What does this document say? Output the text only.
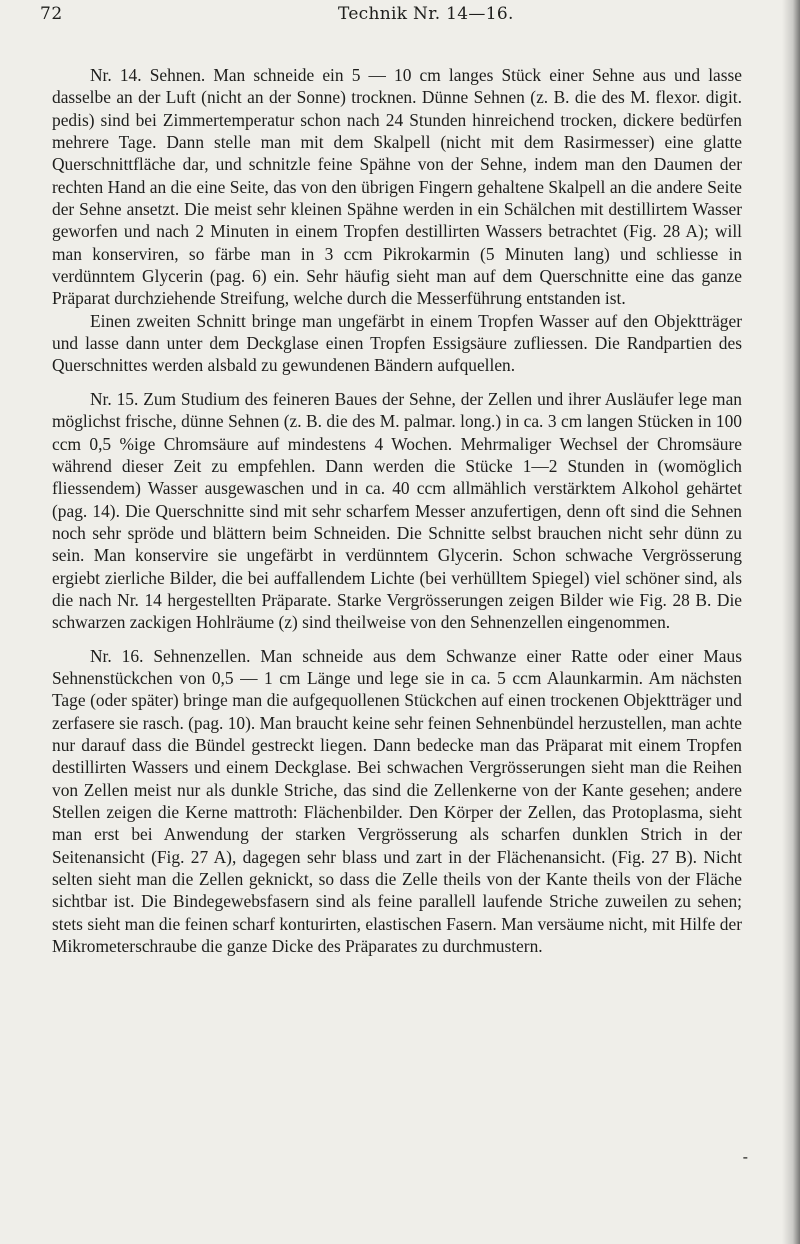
72	Technik Nr. 14—16.

Nr. 14. Sehnen. Man schneide ein 5 — 10 cm langes Stück einer Sehne aus und lasse dasselbe an der Luft (nicht an der Sonne) trocknen. Dünne Sehnen (z. B. die des M. flexor. digit. pedis) sind bei Zimmertemperatur schon nach 24 Stunden hinreichend trocken, dickere bedürfen mehrere Tage. Dann stelle man mit dem Skalpell (nicht mit dem Rasirmesser) eine glatte Querschnittfläche dar, und schnitzle feine Spähne von der Sehne, indem man den Daumen der rechten Hand an die eine Seite, das von den übrigen Fingern gehaltene Skalpell an die andere Seite der Sehne ansetzt. Die meist sehr kleinen Spähne werden in ein Schälchen mit destillirtem Wasser geworfen und nach 2 Minuten in einem Tropfen destillirten Wassers betrachtet (Fig. 28 A); will man konserviren, so färbe man in 3 ccm Pikrokarmin (5 Minuten lang) und schliesse in verdünntem Glycerin (pag. 6) ein. Sehr häufig sieht man auf dem Querschnitte eine das ganze Präparat durchziehende Streifung, welche durch die Messerführung entstanden ist.

Einen zweiten Schnitt bringe man ungefärbt in einem Tropfen Wasser auf den Objektträger und lasse dann unter dem Deckglase einen Tropfen Essigsäure zufliessen. Die Randpartien des Querschnittes werden alsbald zu gewundenen Bändern aufquellen.

Nr. 15. Zum Studium des feineren Baues der Sehne, der Zellen und ihrer Ausläufer lege man möglichst frische, dünne Sehnen (z. B. die des M. palmar. long.) in ca. 3 cm langen Stücken in 100 ccm 0,5 %ige Chromsäure auf mindestens 4 Wochen. Mehrmaliger Wechsel der Chromsäure während dieser Zeit zu empfehlen. Dann werden die Stücke 1—2 Stunden in (womöglich fliessendem) Wasser ausgewaschen und in ca. 40 ccm allmählich verstärktem Alkohol gehärtet (pag. 14). Die Querschnitte sind mit sehr scharfem Messer anzufertigen, denn oft sind die Sehnen noch sehr spröde und blättern beim Schneiden. Die Schnitte selbst brauchen nicht sehr dünn zu sein. Man konservire sie ungefärbt in verdünntem Glycerin. Schon schwache Vergrösserung ergiebt zierliche Bilder, die bei auffallendem Lichte (bei verhülltem Spiegel) viel schöner sind, als die nach Nr. 14 hergestellten Präparate. Starke Vergrösserungen zeigen Bilder wie Fig. 28 B. Die schwarzen zackigen Hohlräume (z) sind theilweise von den Sehnenzellen eingenommen.

Nr. 16. Sehnenzellen. Man schneide aus dem Schwanze einer Ratte oder einer Maus Sehnenstückchen von 0,5 — 1 cm Länge und lege sie in ca. 5 ccm Alaunkarmin. Am nächsten Tage (oder später) bringe man die aufgequollenen Stückchen auf einen trockenen Objektträger und zerfasere sie rasch. (pag. 10). Man braucht keine sehr feinen Sehnenbündel herzustellen, man achte nur darauf dass die Bündel gestreckt liegen. Dann bedecke man das Präparat mit einem Tropfen destillirten Wassers und einem Deckglase. Bei schwachen Vergrösserungen sieht man die Reihen von Zellen meist nur als dunkle Striche, das sind die Zellenkerne von der Kante gesehen; andere Stellen zeigen die Kerne mattroth: Flächenbilder. Den Körper der Zellen, das Protoplasma, sieht man erst bei Anwendung der starken Vergrösserung als scharfen dunklen Strich in der Seitenansicht (Fig. 27 A), dagegen sehr blass und zart in der Flächenansicht. (Fig. 27 B). Nicht selten sieht man die Zellen geknickt, so dass die Zelle theils von der Kante theils von der Fläche sichtbar ist. Die Bindegewebsfasern sind als feine parallell laufende Striche zuweilen zu sehen; stets sieht man die feinen scharf konturirten, elastischen Fasern. Man versäume nicht, mit Hilfe der Mikrometerschraube die ganze Dicke des Präparates zu durchmustern.

-
